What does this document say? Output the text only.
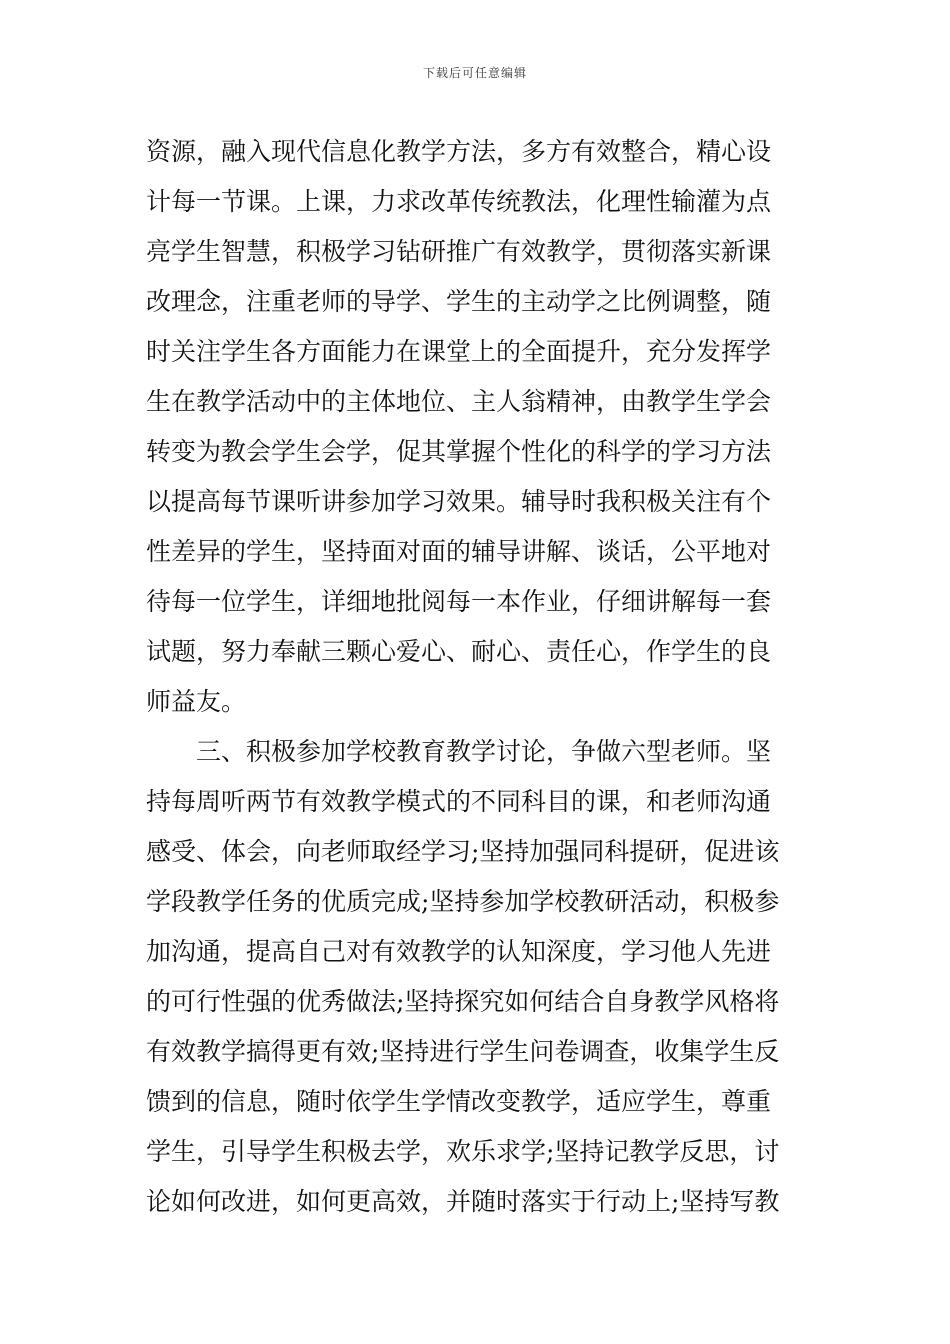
下载后可任意编辑
资源，融入现代信息化教学方法，多方有效整合，精心设
计每一节课。上课，力求改革传统教法，化理性输灌为点
亮学生智慧，积极学习钻研推广有效教学，贯彻落实新课
改理念，注重老师的导学、学生的主动学之比例调整，随
时关注学生各方面能力在课堂上的全面提升，充分发挥学
生在教学活动中的主体地位、主人翁精神，由教学生学会
转变为教会学生会学，促其掌握个性化的科学的学习方法
以提高每节课听讲参加学习效果。辅导时我积极关注有个
性差异的学生，坚持面对面的辅导讲解、谈话，公平地对
待每一位学生，详细地批阅每一本作业，仔细讲解每一套
试题，努力奉献三颗心爱心、耐心、责任心，作学生的良
师益友。
三、积极参加学校教育教学讨论，争做六型老师。坚
持每周听两节有效教学模式的不同科目的课，和老师沟通
感受、体会，向老师取经学习;坚持加强同科提研，促进该
学段教学任务的优质完成;坚持参加学校教研活动，积极参
加沟通，提高自己对有效教学的认知深度，学习他人先进
的可行性强的优秀做法;坚持探究如何结合自身教学风格将
有效教学搞得更有效;坚持进行学生问卷调查，收集学生反
馈到的信息，随时依学生学情改变教学，适应学生，尊重
学生，引导学生积极去学，欢乐求学;坚持记教学反思，讨
论如何改进，如何更高效，并随时落实于行动上;坚持写教
